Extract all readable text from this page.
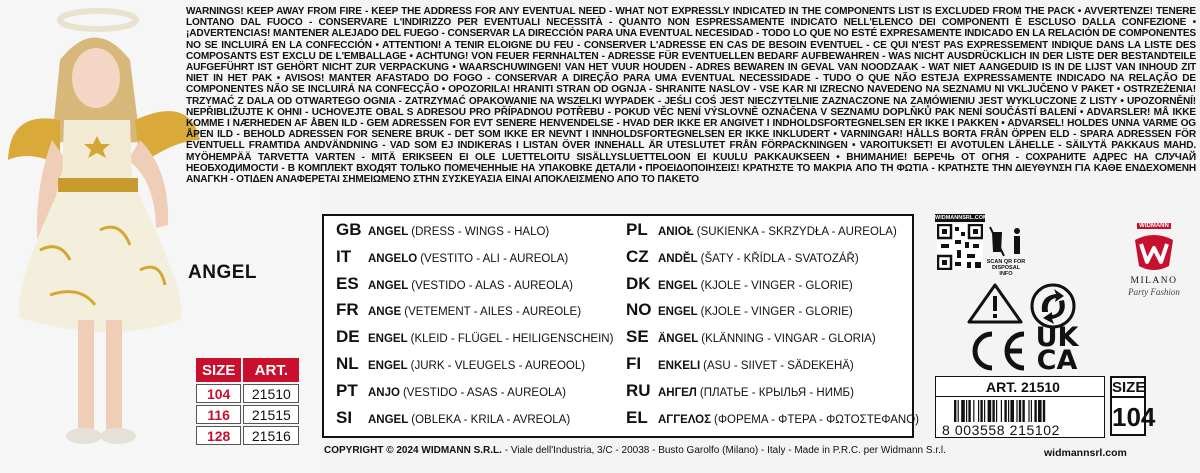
ANGEL
SIZE	ART.
104	21510
116	21515
128	21516
WARNINGS! KEEP AWAY FROM FIRE - KEEP THE ADDRESS FOR ANY EVENTUAL NEED - WHAT NOT EXPRESSLY INDICATED IN THE COMPONENTS LIST IS EXCLUDED FROM THE PACK • AVVERTENZE! TENERE LONTANO DAL FUOCO - CONSERVARE L'INDIRIZZO PER EVENTUALI NECESSITÀ - QUANTO NON ESPRESSAMENTE INDICATO NELL'ELENCO DEI COMPONENTI È ESCLUSO DALLA CONFEZIONE • ¡ADVERTENCIAS! MANTENER ALEJADO DEL FUEGO - CONSERVAR LA DIRECCIÓN PARA UNA EVENTUAL NECESIDAD - TODO LO QUE NO ESTÉ EXPRESAMENTE INDICADO EN LA RELACIÓN DE COMPONENTES NO SE INCLUIRÁ EN LA CONFECCIÓN • ATTENTION! A TENIR ELOIGNE DU FEU - CONSERVER L'ADRESSE EN CAS DE BESOIN EVENTUEL - CE QUI N'EST PAS EXPRESSEMENT INDIQUE DANS LA LISTE DES COMPOSANTS EST EXCLU DE L'EMBALLAGE • ACHTUNG! VON FEUER FERNHALTEN - ADRESSE FÜR EVENTUELLEN BEDARF AUFBEWAHREN - WAS NICHT AUSDRÜCKLICH IN DER LISTE DER BESTANDTEILE AUFGEFÜHRT IST GEHÖRT NICHT ZUR VERPACKUNG • WAARSCHUWINGEN! VAN HET VUUR HOUDEN - ADRES BEWAREN IN GEVAL VAN NOODZAAK - WAT NIET AANGEDUID IS IN DE LIJST VAN INHOUD ZIT NIET IN HET PAK • AVISOS! MANTER AFASTADO DO FOGO - CONSERVAR A DIREÇÃO PARA UMA EVENTUAL NECESSIDADE - TUDO O QUE NÃO ESTEJA EXPRESSAMENTE INDICADO NA RELAÇÃO DE COMPONENTES NÃO SE INCLUIRÁ NA CONFECÇÃO • OPOZORILA! HRANITI STRAN OD OGNJA - SHRANITE NASLOV - VSE KAR NI IZRECNO NAVEDENO NA SEZNAMU NI VKLJUČENO V PAKET • OSTRZEŻENIA! TRZYMAĆ Z DALA OD OTWARTEGO OGNIA - ZATRZYMAĆ OPAKOWANIE NA WSZELKI WYPADEK - JEŚLI COŚ JEST NIECZYTELNIE ZAZNACZONE NA ZAMÓWIENIU JEST WYKLUCZONE Z LISTY • UPOZORNĚNÍ! NEPŘIBLIŽUJTE K OHNI - UCHOVEJTE OBAL S ADRESOU PRO PŘÍPADNOU POTŘEBU - POKUD VĚC NENÍ VÝSLOVNĚ OZNAČENA V SEZNAMU DOPLŇKŮ PAK NENÍ SOUČÁSTÍ BALENÍ • ADVARSLER! MÅ IKKE KOMME I NÆRHEDEN AF ÅBEN ILD - GEM ADRESSEN FOR EVT SENERE HENVENDELSE - HVAD DER IKKE ER ANGIVET I INDHOLDSFORTEGNELSEN ER IKKE I PAKKEN • ADVARSEL! HOLDES UNNA VARME OG ÅPEN ILD - BEHOLD ADRESSEN FOR SENERE BRUK - DET SOM IKKE ER NEVNT I INNHOLDSFORTEGNELSEN ER IKKE INKLUDERT • VARNINGAR! HÅLLS BORTA FRÅN ÖPPEN ELD - SPARA ADRESSEN FÖR EVENTUELL FRAMTIDA ANDVÄNDNING - VAD SOM EJ INDIKERAS I LISTAN ÖVER INNEHALL ÄR UTESLUTET FRÅN FÖRPACKNINGEN • VAROITUKSET! EI AVOTULEN LÄHELLE - SÄILYTÄ PAKKAUS MAHD. MYÖHEMPÄÄ TARVETTA VARTEN - MITÄ ERIKSEEN EI OLE LUETTELOITU SISÄLLYSLUETTELOON EI KUULU PAKKAUKSEEN • ВНИМАНИЕ! БЕРЕЧЬ ОТ ОГНЯ - СОХРАНИТЕ АДРЕС НА СЛУЧАЙ НЕОБХОДИМОСТИ - В КОМПЛЕКТ ВХОДЯТ ТОЛЬКО ПОМЕЧЕННЫЕ НА УПАКОВКЕ ДЕТАЛИ • ΠΡΟΕΙΔΟΠΟΙΗΣΕΙΣ! ΚΡΑΤΗΣΤΕ ΤΟ ΜΑΚΡΙΑ ΑΠΟ ΤΗ ΦΩΤΙΑ - ΚΡΑΤΗΣΤΕ ΤΗΝ ΔΙΕΥΘΥΝΣΗ ΓΙΑ ΚΑΘΕ ΕΝΔΕΧΟΜΕΝΗ ΑΝΑΓΚΗ - ΟΤΙΔΕΝ ΑΝΑΦΕΡΕΤΑΙ ΣΗΜΕΙΩΜΕΝΟ ΣΤΗΝ ΣΥΣΚΕΥΑΣΙΑ ΕΙΝΑΙ ΑΠΟΚΛΕΙΣΜΕΝΟ ΑΠΟ ΤΟ ΠΑΚΕΤΟ
GB ANGEL (DRESS - WINGS - HALO)
IT	ANGELO (VESTITO - ALI - AUREOLA)
ES ANGEL (VESTIDO - ALAS - AUREOLA)
FR ANGE (VETEMENT - AILES - AUREOLE)
DE ENGEL (KLEID - FLÜGEL - HEILIGENSCHEIN)
NL ENGEL (JURK - VLEUGELS - AUREOOL)
PT ANJO (VESTIDO - ASAS - AUREOLA)
SI	ANGEL (OBLEKA - KRILA - AVREOLA)
PL ANIOŁ (SUKIENKA - SKRZYDŁA - AUREOLA)
CZ ANDĚL (ŠATY - KŘÍDLA - SVATOZÁŘ)
DK ENGEL (KJOLE - VINGER - GLORIE)
NO ENGEL (KJOLE - VINGER - GLORIE)
SE ÄNGEL (KLÄNNING - VINGAR - GLORIA)
FI	ENKELI (ASU - SIIVET - SÄDEKEHÄ)
RU АНГЕЛ (ПЛАТЬЕ - КРЫЛЬЯ - НИМБ)
EL ΑΓΓΕΛΟΣ (ΦΟΡΕΜΑ - ΦΤΕΡΑ - ΦΩΤΟΣΤΕΦΑΝΟ)
COPYRIGHT © 2024 WIDMANN S.R.L. - Viale dell'Industria, 3/C - 20038 - Busto Garolfo (Milano) - Italy - Made in P.R.C. per Widmann S.r.l.
WIDMANNSRL.COM
SCAN QR FOR DISPOSAL INFO
WIDMANN
MILANO
Party Fashion
UK
CA
ART. 21510
8 003558 215102
SIZE
104
widmannsrl.com
